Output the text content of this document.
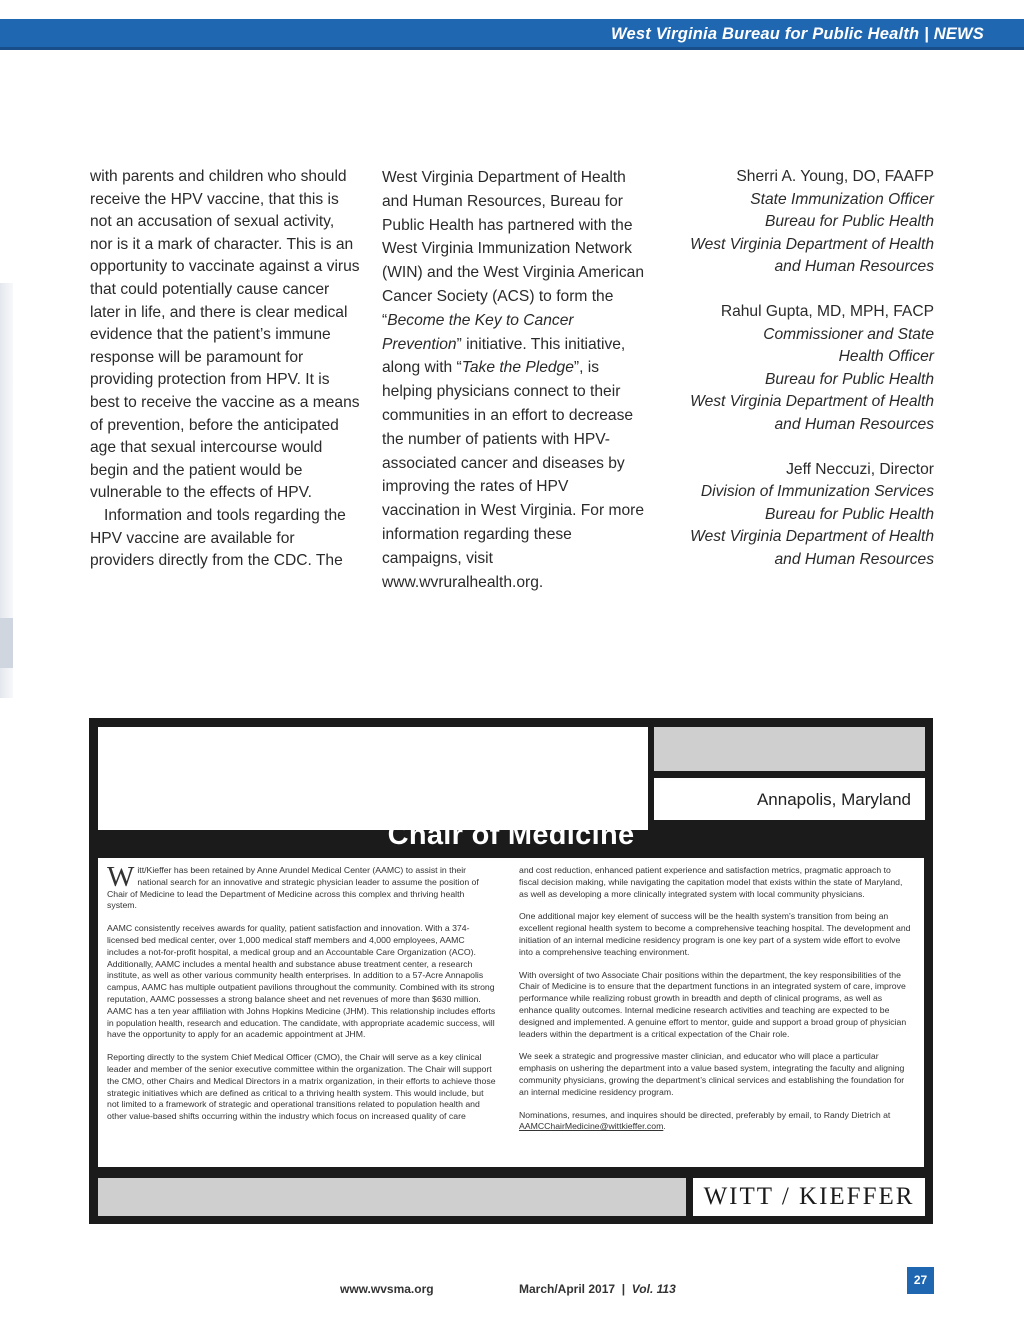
West Virginia Bureau for Public Health | NEWS

with parents and children who should receive the HPV vaccine, that this is not an accusation of sexual activity, nor is it a mark of character. This is an opportunity to vaccinate against a virus that could potentially cause cancer later in life, and there is clear medical evidence that the patient’s immune response will be paramount for providing protection from HPV. It is best to receive the vaccine as a means of prevention, before the anticipated age that sexual intercourse would begin and the patient would be vulnerable to the effects of HPV.

Information and tools regarding the HPV vaccine are available for providers directly from the CDC. The

West Virginia Department of Health and Human Resources, Bureau for Public Health has partnered with the West Virginia Immunization Network (WIN) and the West Virginia American Cancer Society (ACS) to form the “Become the Key to Cancer Prevention” initiative. This initiative, along with “Take the Pledge”, is helping physicians connect to their communities in an effort to decrease the number of patients with HPV-associated cancer and diseases by improving the rates of HPV vaccination in West Virginia. For more information regarding these campaigns, visit www.wvruralhealth.org.

Sherri A. Young, DO, FAAFP
State Immunization Officer
Bureau for Public Health
West Virginia Department of Health
and Human Resources
Rahul Gupta, MD, MPH, FACP
Commissioner and State
Health Officer
Bureau for Public Health
West Virginia Department of Health
and Human Resources
Jeff Neccuzi, Director
Division of Immunization Services
Bureau for Public Health
West Virginia Department of Health
and Human Resources
Annapolis, Maryland
Chair of Medicine

Witt/Kieffer has been retained by Anne Arundel Medical Center (AAMC) to assist in their national search for an innovative and strategic physician leader to assume the position of Chair of Medicine to lead the Department of Medicine across this complex and thriving health system.

AAMC consistently receives awards for quality, patient satisfaction and innovation. With a 374-licensed bed medical center, over 1,000 medical staff members and 4,000 employees, AAMC includes a not-for-profit hospital, a medical group and an Accountable Care Organization (ACO). Additionally, AAMC includes a mental health and substance abuse treatment center, a research institute, as well as other various community health enterprises. In addition to a 57-Acre Annapolis campus, AAMC has multiple outpatient pavilions throughout the community. Combined with its strong reputation, AAMC possesses a strong balance sheet and net revenues of more than $630 million. AAMC has a ten year affiliation with Johns Hopkins Medicine (JHM). This relationship includes efforts in population health, research and education. The candidate, with appropriate academic success, will have the opportunity to apply for an academic appointment at JHM.

Reporting directly to the system Chief Medical Officer (CMO), the Chair will serve as a key clinical leader and member of the senior executive committee within the organization. The Chair will support the CMO, other Chairs and Medical Directors in a matrix organization, in their efforts to achieve those strategic initiatives which are defined as critical to a thriving health system. This would include, but not limited to a framework of strategic and operational transitions related to population health and other value-based shifts occurring within the industry which focus on increased quality of care

and cost reduction, enhanced patient experience and satisfaction metrics, pragmatic approach to fiscal decision making, while navigating the capitation model that exists within the state of Maryland, as well as developing a more clinically integrated system with local community physicians.

One additional major key element of success will be the health system’s transition from being an excellent regional health system to become a comprehensive teaching hospital. The development and initiation of an internal medicine residency program is one key part of a system wide effort to evolve into a comprehensive teaching environment.

With oversight of two Associate Chair positions within the department, the key responsibilities of the Chair of Medicine is to ensure that the department functions in an integrated system of care, improve performance while realizing robust growth in breadth and depth of clinical programs, as well as enhance quality outcomes. Internal medicine research activities and teaching are expected to be designed and implemented. A genuine effort to mentor, guide and support a broad group of physician leaders within the department is a critical expectation of the Chair role.

We seek a strategic and progressive master clinician, and educator who will place a particular emphasis on ushering the department into a value based system, integrating the faculty and aligning community physicians, growing the department’s clinical services and establishing the foundation for an internal medicine residency program.

Nominations, resumes, and inquires should be directed, preferably by email, to Randy Dietrich at AAMCChairMedicine@wittkieffer.com.

WITT / KIEFFER
www.wvsma.org	March/April 2017  |  Vol. 113
27
